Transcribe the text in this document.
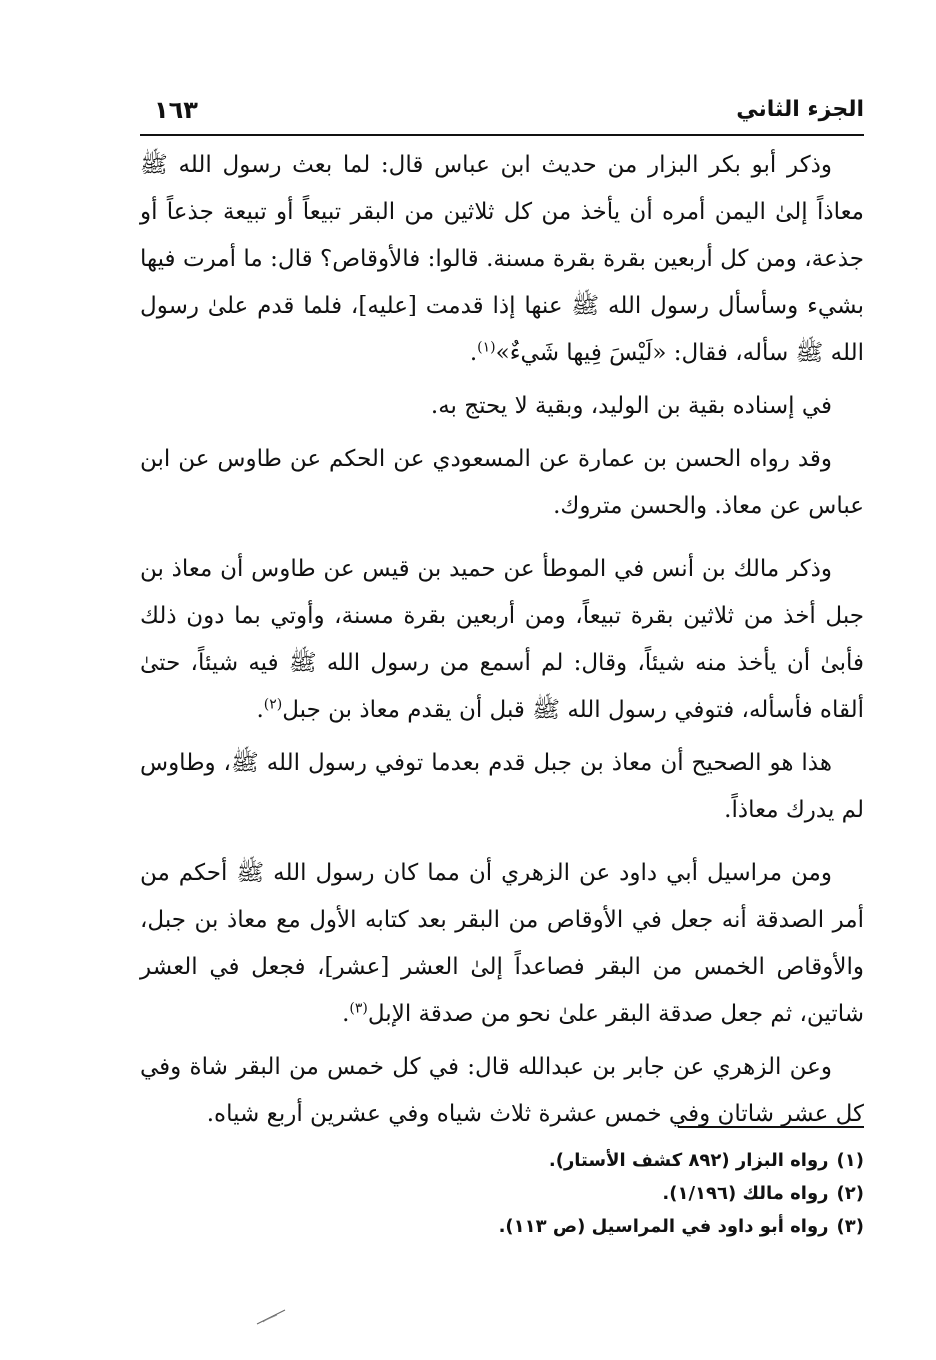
الجزء الثاني
١٦٣

وذكر أبو بكر البزار من حديث ابن عباس قال: لما بعث رسول الله ﷺ معاذاً إلىٰ اليمن أمره أن يأخذ من كل ثلاثين من البقر تبيعاً أو تبيعة جذعاً أو جذعة، ومن كل أربعين بقرة بقرة مسنة. قالوا: فالأوقاص؟ قال: ما أمرت فيها بشيء وسأسأل رسول الله ﷺ عنها إذا قدمت [عليه]، فلما قدم علىٰ رسول الله ﷺ سأله، فقال: «لَيْسَ فِيها شَيءٌ»$^{(١)}$.

في إسناده بقية بن الوليد، وبقية لا يحتج به.

وقد رواه الحسن بن عمارة عن المسعودي عن الحكم عن طاوس عن ابن عباس عن معاذ. والحسن متروك.

وذكر مالك بن أنس في الموطأ عن حميد بن قيس عن طاوس أن معاذ بن جبل أخذ من ثلاثين بقرة تبيعاً، ومن أربعين بقرة مسنة، وأوتي بما دون ذلك فأبىٰ أن يأخذ منه شيئاً، وقال: لم أسمع من رسول الله ﷺ فيه شيئاً، حتىٰ ألقاه فأسأله، فتوفي رسول الله ﷺ قبل أن يقدم معاذ بن جبل$^{(٢)}$.

هذا هو الصحيح أن معاذ بن جبل قدم بعدما توفي رسول الله ﷺ، وطاوس لم يدرك معاذاً.

ومن مراسيل أبي داود عن الزهري أن مما كان رسول الله ﷺ أحكم من أمر الصدقة أنه جعل في الأوقاص من البقر بعد كتابه الأول مع معاذ بن جبل، والأوقاص الخمس من البقر فصاعداً إلىٰ العشر [عشر]، فجعل في العشر شاتين، ثم جعل صدقة البقر علىٰ نحو من صدقة الإبل$^{(٣)}$.

وعن الزهري عن جابر بن عبدالله قال: في كل خمس من البقر شاة وفي كل عشر شاتان وفي خمس عشرة ثلاث شياه وفي عشرين أربع شياه.

(١)رواه البزار (٨٩٢ كشف الأستار).

(٢)رواه مالك (١/١٩٦).

(٣)رواه أبو داود في المراسيل (ص ١١٣).
